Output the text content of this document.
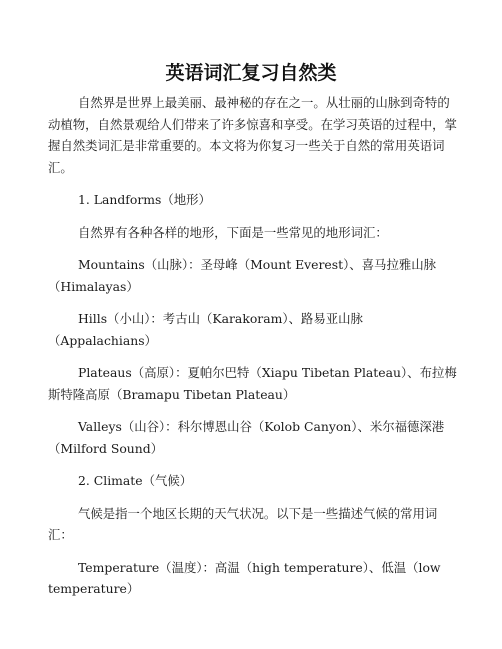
英语词汇复习自然类

自然界是世界上最美丽、最神秘的存在之一。从壮丽的山脉到奇特的动植物，自然景观给人们带来了许多惊喜和享受。在学习英语的过程中，掌握自然类词汇是非常重要的。本文将为你复习一些关于自然的常用英语词汇。

1. Landforms（地形）

自然界有各种各样的地形，下面是一些常见的地形词汇：

Mountains（山脉）：圣母峰（Mount Everest）、喜马拉雅山脉（Himalayas）

Hills（小山）：考古山（Karakoram）、路易亚山脉（Appalachians）

Plateaus（高原）：夏帕尔巴特（Xiapu Tibetan Plateau）、布拉梅斯特隆高原（Bramapu Tibetan Plateau）

Valleys（山谷）：科尔博恩山谷（Kolob Canyon）、米尔福德深港（Milford Sound）

2. Climate（气候）

气候是指一个地区长期的天气状况。以下是一些描述气候的常用词汇：

Temperature（温度）：高温（high temperature）、低温（low temperature）
